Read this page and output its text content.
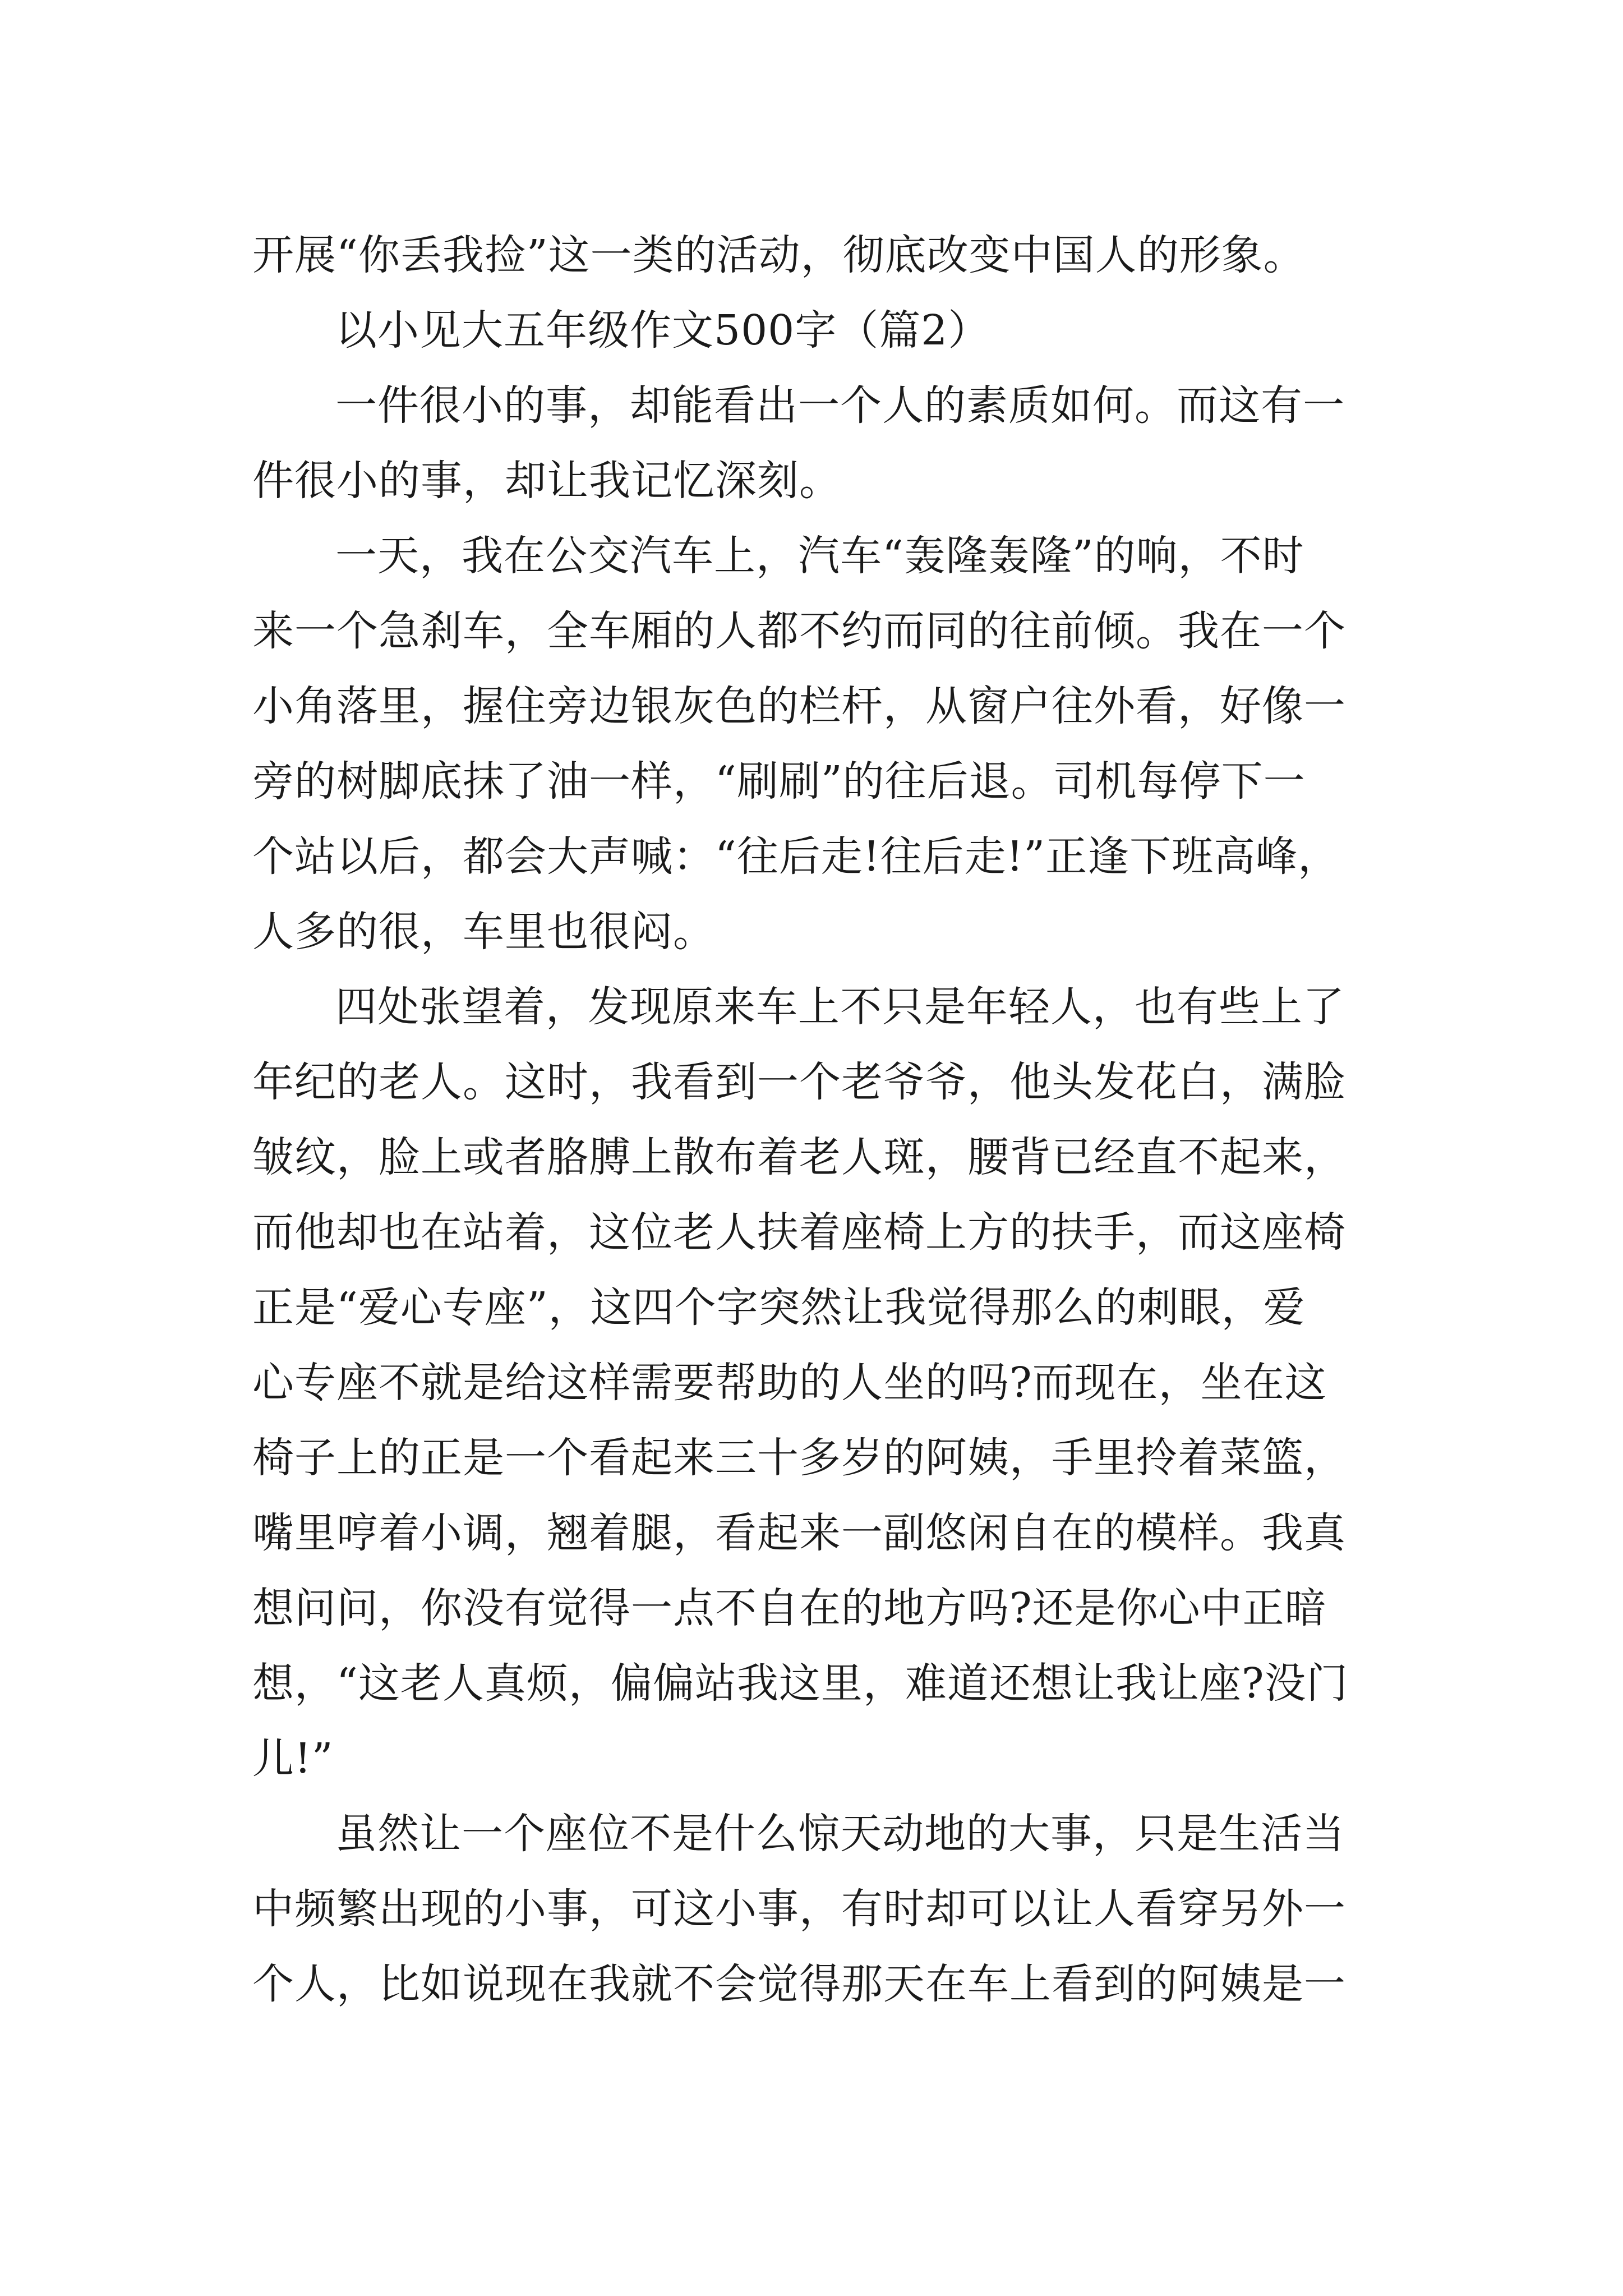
开展“你丢我捡”这一类的活动，彻底改变中国人的形象。
以小见大五年级作文500字（篇2）
一件很小的事，却能看出一个人的素质如何。而这有一
件很小的事，却让我记忆深刻。
一天，我在公交汽车上，汽车“轰隆轰隆”的响，不时
来一个急刹车，全车厢的人都不约而同的往前倾。我在一个
小角落里，握住旁边银灰色的栏杆，从窗户往外看，好像一
旁的树脚底抹了油一样，“刷刷”的往后退。司机每停下一
个站以后，都会大声喊：“往后走!往后走!”正逢下班高峰，
人多的很，车里也很闷。
四处张望着，发现原来车上不只是年轻人，也有些上了
年纪的老人。这时，我看到一个老爷爷，他头发花白，满脸
皱纹，脸上或者胳膊上散布着老人斑，腰背已经直不起来，
而他却也在站着，这位老人扶着座椅上方的扶手，而这座椅
正是“爱心专座”，这四个字突然让我觉得那么的刺眼，爱
心专座不就是给这样需要帮助的人坐的吗?而现在，坐在这
椅子上的正是一个看起来三十多岁的阿姨，手里拎着菜篮，
嘴里哼着小调，翘着腿，看起来一副悠闲自在的模样。我真
想问问，你没有觉得一点不自在的地方吗?还是你心中正暗
想，“这老人真烦，偏偏站我这里，难道还想让我让座?没门
儿!”
虽然让一个座位不是什么惊天动地的大事，只是生活当
中频繁出现的小事，可这小事，有时却可以让人看穿另外一
个人，比如说现在我就不会觉得那天在车上看到的阿姨是一
